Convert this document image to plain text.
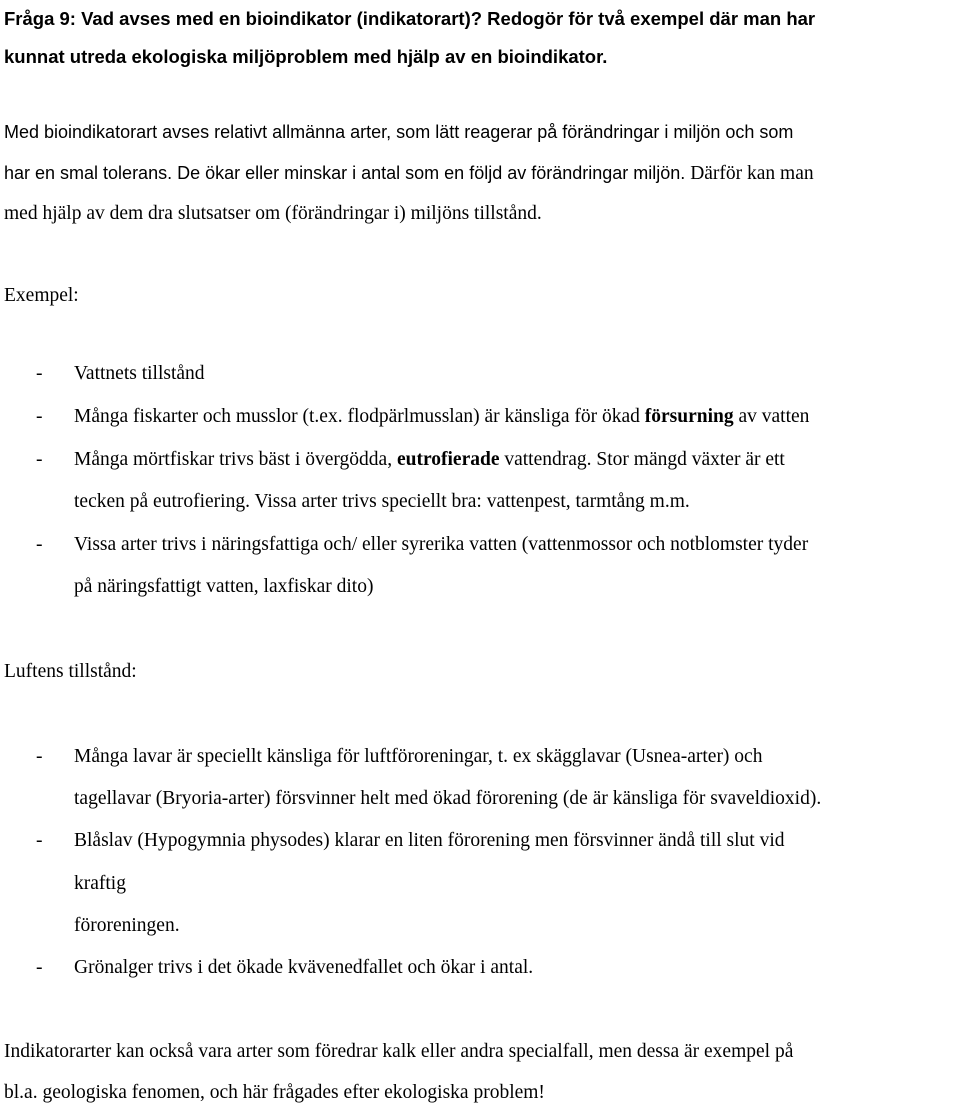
Fråga 9: Vad avses med en bioindikator (indikatorart)? Redogör för två exempel där man har
kunnat utreda ekologiska miljöproblem med hjälp av en bioindikator.
Med bioindikatorart avses relativt allmänna arter, som lätt reagerar på förändringar i miljön och som
har en smal tolerans. De ökar eller minskar i antal som en följd av förändringar miljön. Därför kan man
med hjälp av dem dra slutsatser om (förändringar i) miljöns tillstånd.
Exempel:
- Vattnets tillstånd
- Många fiskarter och musslor (t.ex. flodpärlmusslan) är känsliga för ökad försurning av vatten
- Många mörtfiskar trivs bäst i övergödda, eutrofierade vattendrag. Stor mängd växter är ett
tecken på eutrofiering. Vissa arter trivs speciellt bra: vattenpest, tarmtång m.m.
- Vissa arter trivs i näringsfattiga och/ eller syrerika vatten (vattenmossor och notblomster tyder
på näringsfattigt vatten, laxfiskar dito)
Luftens tillstånd:
- Många lavar är speciellt känsliga för luftföroreningar, t. ex skägglavar (Usnea-arter) och
tagellavar (Bryoria-arter) försvinner helt med ökad förorening (de är känsliga för svaveldioxid).
- Blåslav (Hypogymnia physodes) klarar en liten förorening men försvinner ändå till slut vid
kraftig
föroreningen.
- Grönalger trivs i det ökade kvävenedfallet och ökar i antal.
Indikatorarter kan också vara arter som föredrar kalk eller andra specialfall, men dessa är exempel på
bl.a. geologiska fenomen, och här frågades efter ekologiska problem!
